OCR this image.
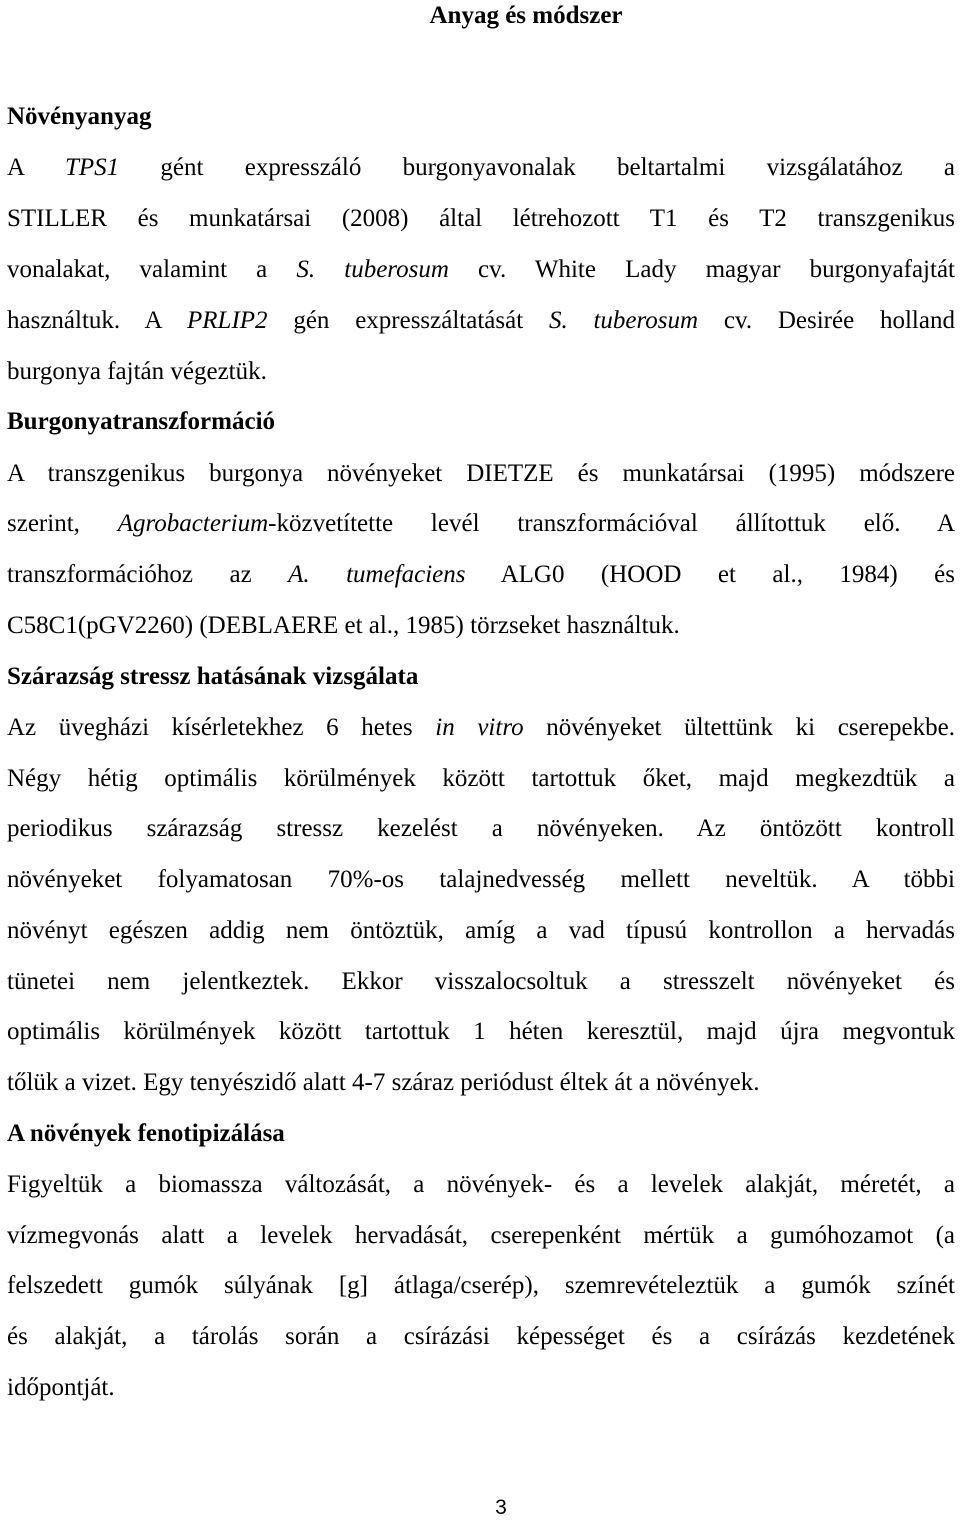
Anyag és módszer
Növényanyag
A TPS1 gént expresszáló burgonyavonalak beltartalmi vizsgálatához a
STILLER és munkatársai (2008) által létrehozott T1 és T2 transzgenikus
vonalakat, valamint a S. tuberosum cv. White Lady magyar burgonyafajtát
használtuk. A PRLIP2 gén expresszáltatását S. tuberosum cv. Desirée holland
burgonya fajtán végeztük.
Burgonyatranszformáció
A transzgenikus burgonya növényeket DIETZE és munkatársai (1995) módszere
szerint, Agrobacterium-közvetítette levél transzformációval állítottuk elő. A
transzformációhoz az A. tumefaciens ALG0 (HOOD et al., 1984) és
C58C1(pGV2260) (DEBLAERE et al., 1985) törzseket használtuk.
Szárazság stressz hatásának vizsgálata
Az üvegházi kísérletekhez 6 hetes in vitro növényeket ültettünk ki cserepekbe.
Négy hétig optimális körülmények között tartottuk őket, majd megkezdtük a
periodikus szárazság stressz kezelést a növényeken. Az öntözött kontroll
növényeket folyamatosan 70%-os talajnedvesség mellett neveltük. A többi
növényt egészen addig nem öntöztük, amíg a vad típusú kontrollon a hervadás
tünetei nem jelentkeztek. Ekkor visszalocsoltuk a stresszelt növényeket és
optimális körülmények között tartottuk 1 héten keresztül, majd újra megvontuk
tőlük a vizet. Egy tenyészidő alatt 4-7 száraz periódust éltek át a növények.
A növények fenotipizálása
Figyeltük a biomassza változását, a növények- és a levelek alakját, méretét, a
vízmegvonás alatt a levelek hervadását, cserepenként mértük a gumóhozamot (a
felszedett gumók súlyának [g] átlaga/cserép), szemrevételeztük a gumók színét
és alakját, a tárolás során a csírázási képességet és a csírázás kezdetének
időpontját.
3
